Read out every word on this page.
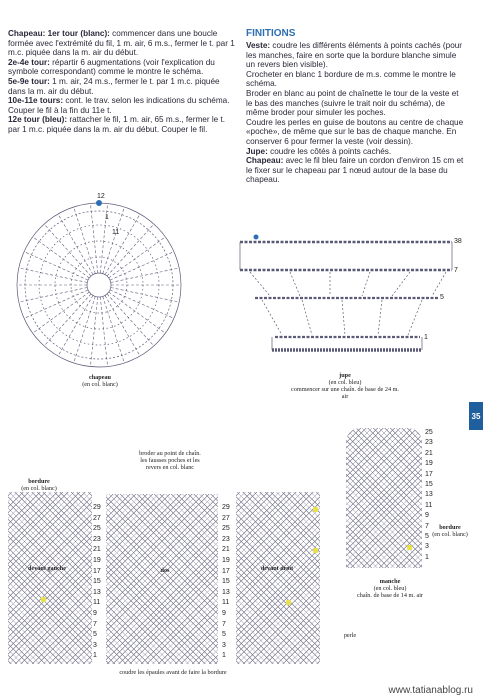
Chapeau: 1er tour (blanc): commencer dans une boucle formée avec l'extrémité du fil, 1 m. air, 6 m.s., fermer le t. par 1 m.c. piquée dans la m. air du début.

2e-4e tour: répartir 6 augmentations (voir l'explication du symbole correspondant) comme le montre le schéma.

5e-9e tour: 1 m. air, 24 m.s., fermer le t. par 1 m.c. piquée dans la m. air du début.

10e-11e tours: cont. le trav. selon les indications du schéma. Couper le fil à la fin du 11e t.

12e tour (bleu): rattacher le fil, 1 m. air, 65 m.s., fermer le t. par 1 m.c. piquée dans la m. air du début. Couper le fil.

FINITIONS

Veste: coudre les différents éléments à points cachés (pour les manches, faire en sorte que la bordure blanche simule un revers bien visible).

Crocheter en blanc 1 bordure de m.s. comme le montre le schéma.

Broder en blanc au point de chaînette le tour de la veste et le bas des manches (suivre le trait noir du schéma), de même broder pour simuler les poches.

Coudre les perles en guise de boutons au centre de chaque «poche», de même que sur le bas de chaque manche. En conserver 6 pour fermer la veste (voir dessin).

Jupe: coudre les côtés à points cachés.

Chapeau: avec le fil bleu faire un cordon d'environ 15 cm et le fixer sur le chapeau par 1 nœud autour de la base du chapeau.

12
11
1
chapeau
(en col. blanc)
38
7
5
1
jupe
(en col. bleu)
commencer sur une chaîn. de base de 24 m. air
bordure
(en col. blanc)
broder au point de chaîn.
les fausses poches et les
revers en col. blanc
devant gauche	dos	devant droit
coudre les épaules avant de faire la bordure
perle
29	29
27	27
25	25
23	23
21	21
19	19
17	17
15	15
13	13
11	11
9	9
7	7
5	5
3	3
1	1
25
23
21
19
17
15
13
11
9
7
5
3
1
bordure
(en col. blanc)
manche
(en col. bleu)
chaîn. de base de 14 m. air
35
www.tatianablog.ru
